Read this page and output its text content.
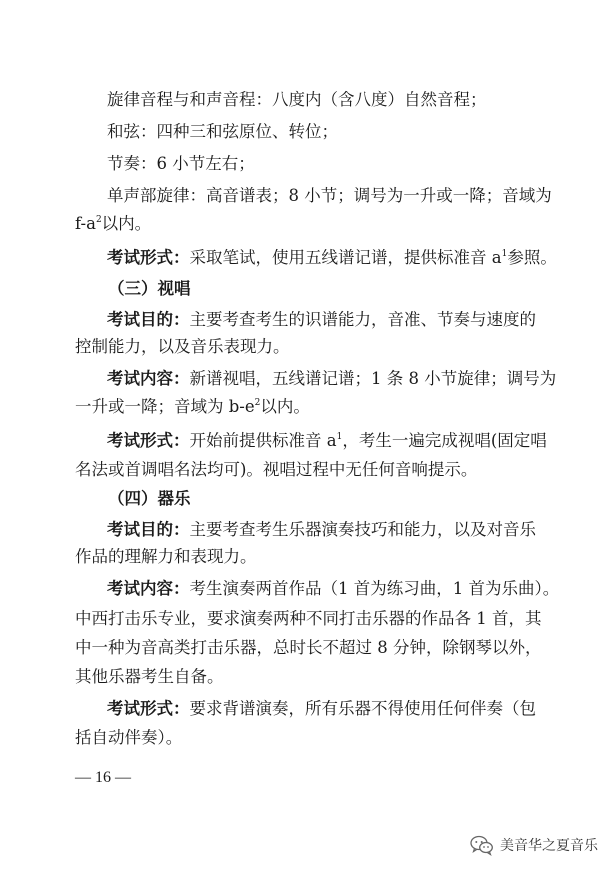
旋律音程与和声音程：八度内（含八度）自然音程；
和弦：四种三和弦原位、转位；
节奏：6 小节左右；
单声部旋律：高音谱表；8 小节；调号为一升或一降；音域为
$f-a^2$以内。
考试形式：采取笔试，使用五线谱记谱，提供标准音 $a^1$参照。
（三）视唱
考试目的：主要考查考生的识谱能力，音准、节奏与速度的
控制能力，以及音乐表现力。
考试内容：新谱视唱，五线谱记谱；1 条 8 小节旋律；调号为
一升或一降；音域为 $b-e^2$以内。
考试形式：开始前提供标准音 $a^1$，考生一遍完成视唱(固定唱
名法或首调唱名法均可)。视唱过程中无任何音响提示。
（四）器乐
考试目的：主要考查考生乐器演奏技巧和能力，以及对音乐
作品的理解力和表现力。
考试内容：考生演奏两首作品（1 首为练习曲，1 首为乐曲）。
中西打击乐专业，要求演奏两种不同打击乐器的作品各 1 首，其
中一种为音高类打击乐器，总时长不超过 8 分钟，除钢琴以外，
其他乐器考生自备。
考试形式：要求背谱演奏，所有乐器不得使用任何伴奏（包
括自动伴奏）。
— 16 —
美音华之夏音乐
